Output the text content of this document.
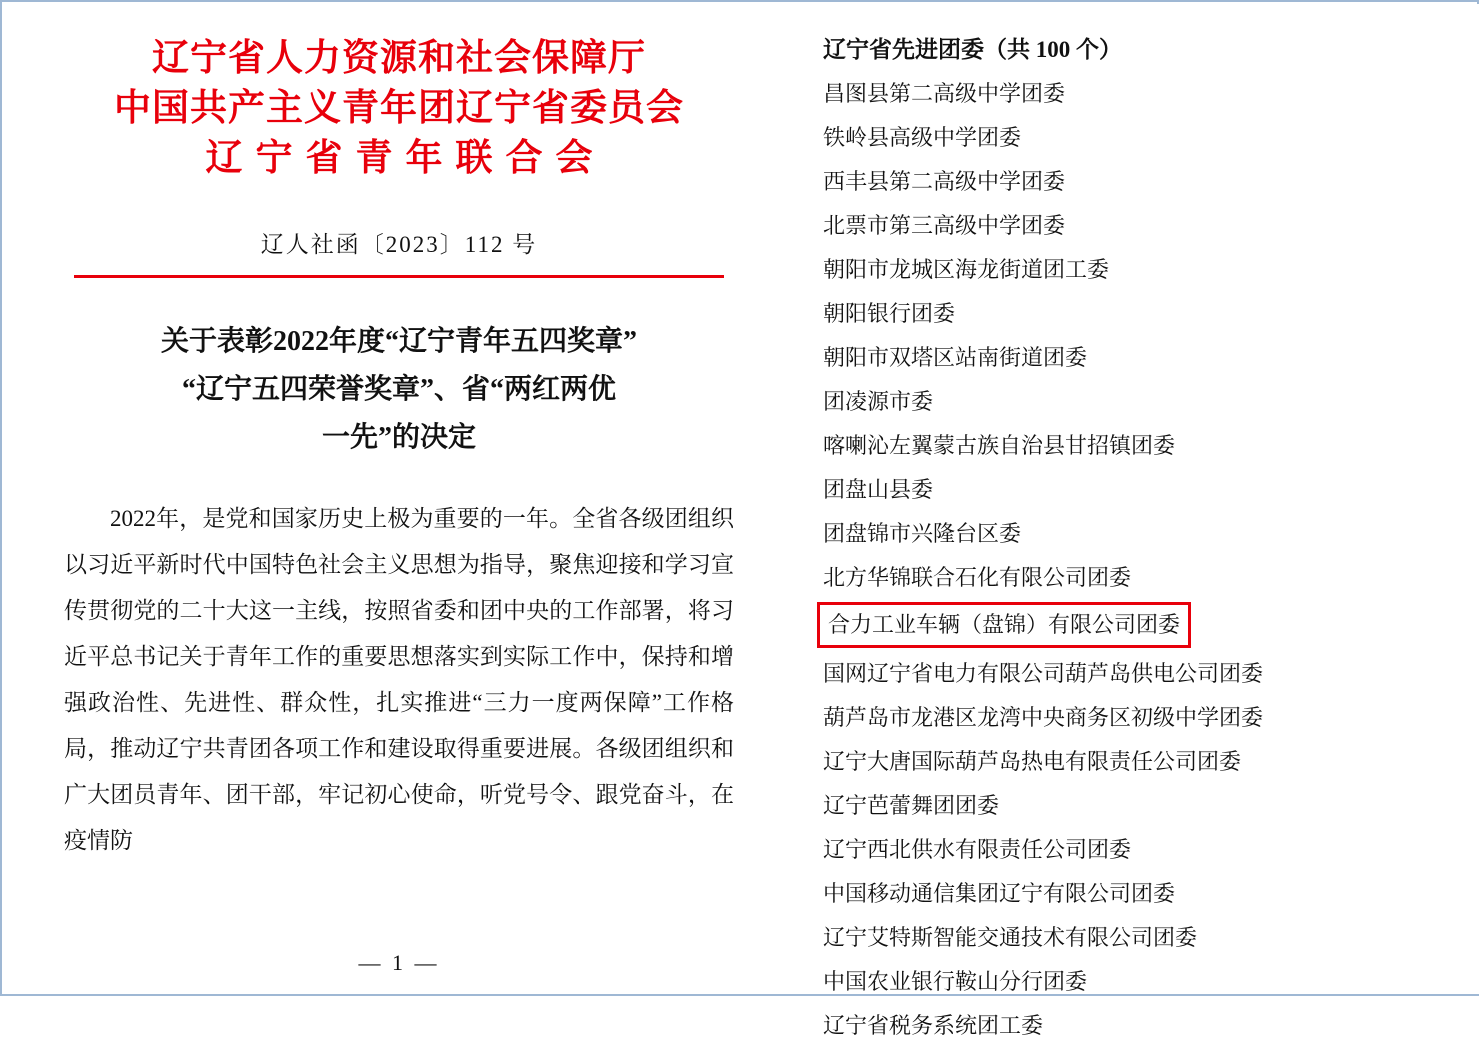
辽宁省人力资源和社会保障厅
中国共产主义青年团辽宁省委员会
辽宁省青年联合会
辽人社函〔2023〕112 号
关于表彰2022年度“辽宁青年五四奖章”
“辽宁五四荣誉奖章”、省“两红两优
一先”的决定

2022年，是党和国家历史上极为重要的一年。全省各级团组织以习近平新时代中国特色社会主义思想为指导，聚焦迎接和学习宣传贯彻党的二十大这一主线，按照省委和团中央的工作部署，将习近平总书记关于青年工作的重要思想落实到实际工作中，保持和增强政治性、先进性、群众性，扎实推进“三力一度两保障”工作格局，推动辽宁共青团各项工作和建设取得重要进展。各级团组织和广大团员青年、团干部，牢记初心使命，听党号令、跟党奋斗，在疫情防

— 1 —
辽宁省先进团委（共 100 个）
昌图县第二高级中学团委
铁岭县高级中学团委
西丰县第二高级中学团委
北票市第三高级中学团委
朝阳市龙城区海龙街道团工委
朝阳银行团委
朝阳市双塔区站南街道团委
团凌源市委
喀喇沁左翼蒙古族自治县甘招镇团委
团盘山县委
团盘锦市兴隆台区委
北方华锦联合石化有限公司团委
合力工业车辆（盘锦）有限公司团委
国网辽宁省电力有限公司葫芦岛供电公司团委
葫芦岛市龙港区龙湾中央商务区初级中学团委
辽宁大唐国际葫芦岛热电有限责任公司团委
辽宁芭蕾舞团团委
辽宁西北供水有限责任公司团委
中国移动通信集团辽宁有限公司团委
辽宁艾特斯智能交通技术有限公司团委
中国农业银行鞍山分行团委
辽宁省税务系统团工委
